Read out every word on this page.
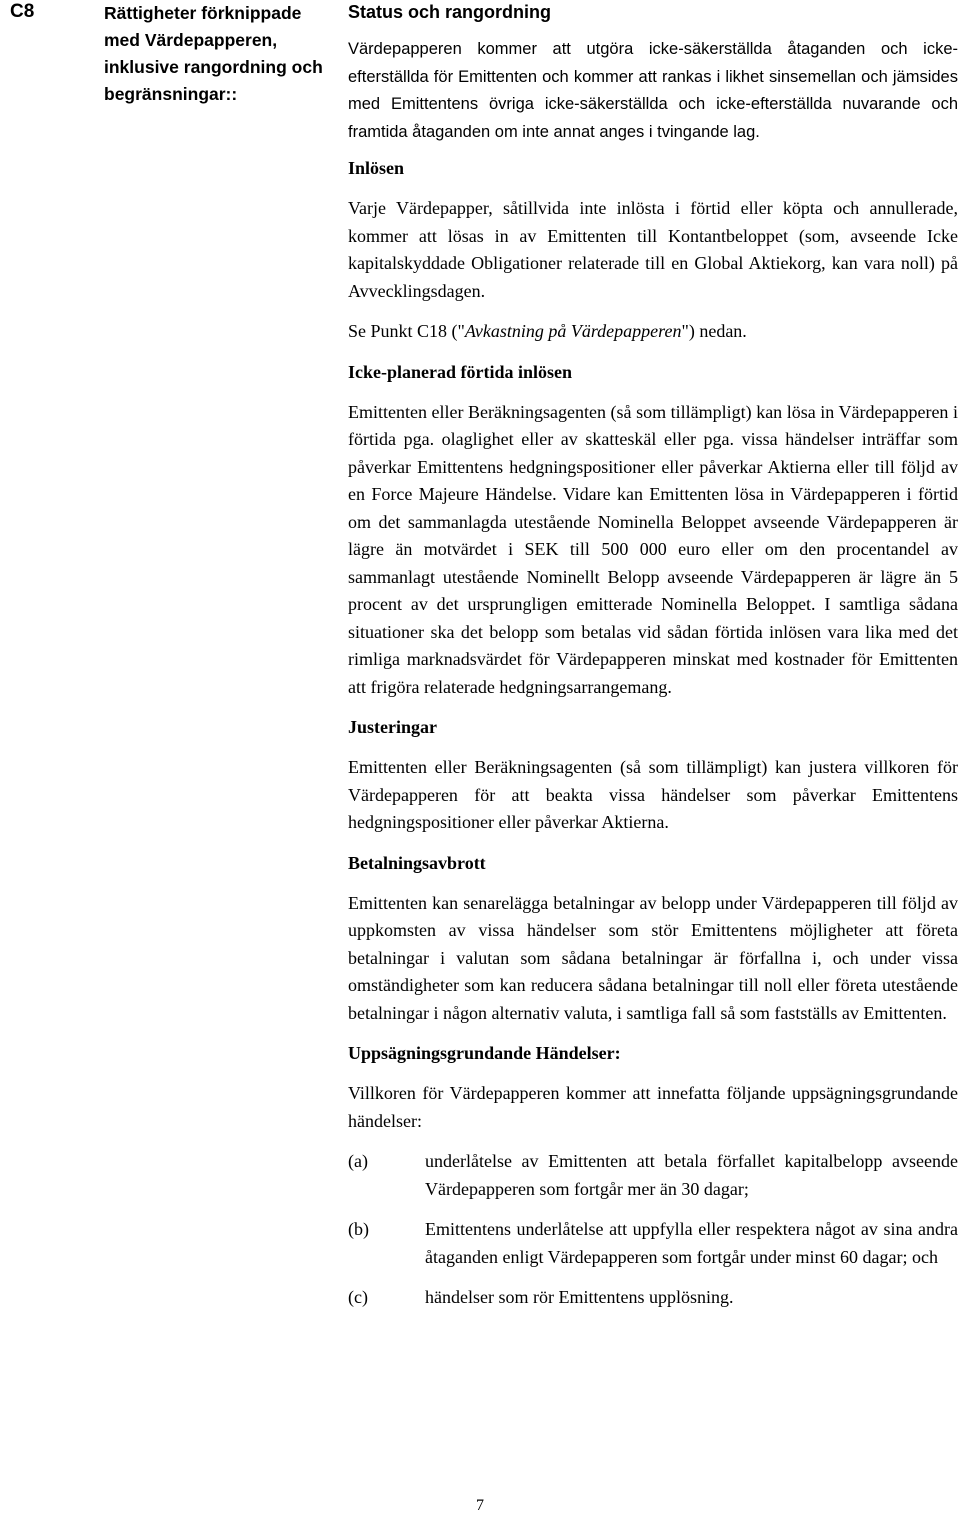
C8	Rättigheter förknippade med Värdepapperen, inklusive rangordning och begränsningar::

Status och rangordning

Värdepapperen kommer att utgöra icke-säkerställda åtaganden och icke-efterställda för Emittenten och kommer att rankas i likhet sinsemellan och jämsides med Emittentens övriga icke-säkerställda och icke-efterställda nuvarande och framtida åtaganden om inte annat anges i tvingande lag.

Inlösen

Varje Värdepapper, såtillvida inte inlösta i förtid eller köpta och annullerade, kommer att lösas in av Emittenten till Kontantbeloppet (som, avseende Icke kapitalskyddade Obligationer relaterade till en Global Aktiekorg, kan vara noll) på Avvecklingsdagen.

Se Punkt C18 ("Avkastning på Värdepapperen") nedan.

Icke-planerad förtida inlösen

Emittenten eller Beräkningsagenten (så som tillämpligt) kan lösa in Värdepapperen i förtida pga. olaglighet eller av skatteskäl eller pga. vissa händelser inträffar som påverkar Emittentens hedgningspositioner eller påverkar Aktierna eller till följd av en Force Majeure Händelse. Vidare kan Emittenten lösa in Värdepapperen i förtid om det sammanlagda utestående Nominella Beloppet avseende Värdepapperen är lägre än motvärdet i SEK till 500 000 euro eller om den procentandel av sammanlagt utestående Nominellt Belopp avseende Värdepapperen är lägre än 5 procent av det ursprungligen emitterade Nominella Beloppet. I samtliga sådana situationer ska det belopp som betalas vid sådan förtida inlösen vara lika med det rimliga marknadsvärdet för Värdepapperen minskat med kostnader för Emittenten att frigöra relaterade hedgningsarrangemang.

Justeringar

Emittenten eller Beräkningsagenten (så som tillämpligt) kan justera villkoren för Värdepapperen för att beakta vissa händelser som påverkar Emittentens hedgningspositioner eller påverkar Aktierna.

Betalningsavbrott

Emittenten kan senarelägga betalningar av belopp under Värdepapperen till följd av uppkomsten av vissa händelser som stör Emittentens möjligheter att företa betalningar i valutan som sådana betalningar är förfallna i, och under vissa omständigheter som kan reducera sådana betalningar till noll eller företa utestående betalningar i någon alternativ valuta, i samtliga fall så som fastställs av Emittenten.

Uppsägningsgrundande Händelser:

Villkoren för Värdepapperen kommer att innefatta följande uppsägningsgrundande händelser:

(a)	underlåtelse av Emittenten att betala förfallet kapitalbelopp avseende Värdepapperen som fortgår mer än 30 dagar;
(b)	Emittentens underlåtelse att uppfylla eller respektera något av sina andra åtaganden enligt Värdepapperen som fortgår under minst 60 dagar; och
(c)	händelser som rör Emittentens upplösning.
7
